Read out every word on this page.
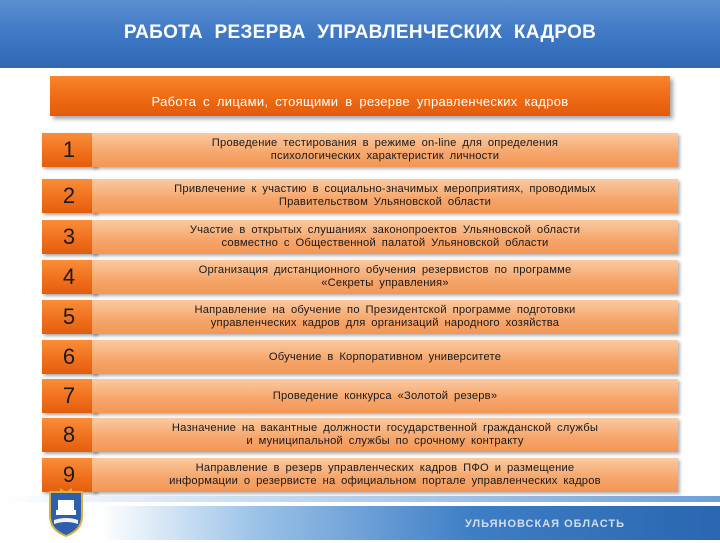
РАБОТА РЕЗЕРВА УПРАВЛЕНЧЕСКИХ КАДРОВ
Работа с лицами, стоящими в резерве управленческих кадров
1	Проведение тестирования в режиме on-line для определения
психологических характеристик личности
2	Привлечение к участию в социально-значимых мероприятиях, проводимых
Правительством Ульяновской области
3	Участие в открытых слушаниях законопроектов Ульяновской области
совместно с Общественной палатой Ульяновской области
4	Организация дистанционного обучения резервистов по программе
«Секреты управления»
5	Направление на обучение по Президентской программе подготовки
управленческих кадров для организаций народного хозяйства
6	Обучение в Корпоративном университете
7	Проведение конкурса «Золотой резерв»
8	Назначение на вакантные должности государственной гражданской службы
и муниципальной службы по срочному контракту
9	Направление в резерв управленческих кадров ПФО и размещение
информации о резервисте на официальном портале управленческих кадров
УЛЬЯНОВСКАЯ ОБЛАСТЬ
